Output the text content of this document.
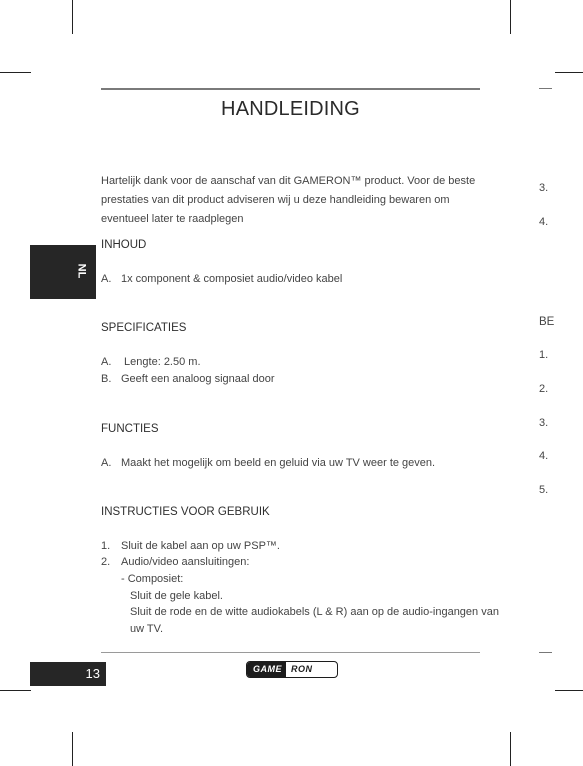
HANDLEIDING
Hartelijk dank voor de aanschaf van dit GAMERON™ product. Voor de beste prestaties van dit product adviseren wij u deze handleiding bewaren om eventueel later te raadplegen
NL
INHOUD
A. 1x component & composiet audio/video kabel
SPECIFICATIES
A. Lengte: 2.50 m.
B. Geeft een analoog signaal door
FUNCTIES
A. Maakt het mogelijk om beeld en geluid via uw TV weer te geven.
INSTRUCTIES VOOR GEBRUIK
1. Sluit de kabel aan op uw PSP™.
2. Audio/video aansluitingen:
- Composiet:
Sluit de gele kabel.
Sluit de rode en de witte audiokabels (L & R) aan op de audio-ingangen van
uw TV.
13	GAME	RON
3.
4.
BE
1.
2.
3.
4.
5.
